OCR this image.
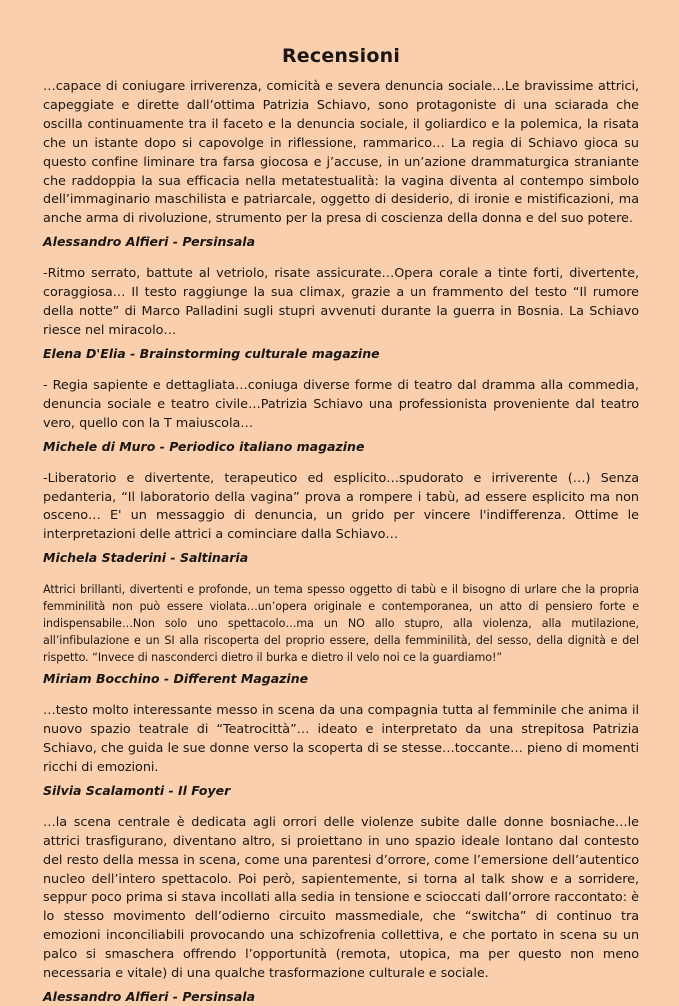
Recensioni

…capace di coniugare irriverenza, comicità e severa denuncia sociale…Le bravissime attrici, capeggiate e dirette dall’ottima Patrizia Schiavo, sono protagoniste di una sciarada che oscilla continuamente tra il faceto e la denuncia sociale, il goliardico e la polemica, la risata che un istante dopo si capovolge in riflessione, rammarico… La regia di Schiavo gioca su questo confine liminare tra farsa giocosa e j’accuse, in un’azione drammaturgica straniante che raddoppia la sua efficacia nella metatestualità: la vagina diventa al contempo simbolo dell’immaginario maschilista e patriarcale, oggetto di desiderio, di ironie e mistificazioni, ma anche arma di rivoluzione, strumento per la presa di coscienza della donna e del suo potere.

Alessandro Alfieri - Persinsala

-Ritmo serrato, battute al vetriolo, risate assicurate…Opera corale a tinte forti, divertente, coraggiosa… Il testo raggiunge la sua climax, grazie a un frammento del testo “Il rumore della notte” di Marco Palladini sugli stupri avvenuti durante la guerra in Bosnia. La Schiavo riesce nel miracolo…

Elena D'Elia - Brainstorming culturale magazine

- Regia sapiente e dettagliata…coniuga diverse forme di teatro dal dramma alla commedia, denuncia sociale e teatro civile…Patrizia Schiavo una professionista proveniente dal teatro vero, quello con la T maiuscola…

Michele di Muro - Periodico italiano magazine

-Liberatorio e divertente, terapeutico ed esplicito…spudorato e irriverente (…) Senza pedanteria, “Il laboratorio della vagina” prova a rompere i tabù, ad essere esplicito ma non osceno… E' un messaggio di denuncia, un grido per vincere l'indifferenza. Ottime le interpretazioni delle attrici a cominciare dalla Schiavo…

Michela Staderini - Saltinaria

Attrici brillanti, divertenti e profonde, un tema spesso oggetto di tabù e il bisogno di urlare che la propria femminilità non può essere violata…un’opera originale e contemporanea, un atto di pensiero forte e indispensabile…Non solo uno spettacolo…ma un NO allo stupro, alla violenza, alla mutilazione, all’infibulazione e un SI alla riscoperta del proprio essere, della femminilità, del sesso, della dignità e del rispetto. “Invece di nasconderci dietro il burka e dietro il velo noi ce la guardiamo!”

Miriam Bocchino - Different Magazine

…testo molto interessante messo in scena da una compagnia tutta al femminile che anima il nuovo spazio teatrale di “Teatrocittà”… ideato e interpretato da una strepitosa Patrizia Schiavo, che guida le sue donne verso la scoperta di se stesse…toccante… pieno di momenti ricchi di emozioni.

Silvia Scalamonti - Il Foyer

…la scena centrale è dedicata agli orrori delle violenze subite dalle donne bosniache…le attrici trasfigurano, diventano altro, si proiettano in uno spazio ideale lontano dal contesto del resto della messa in scena, come una parentesi d’orrore, come l’emersione dell’autentico nucleo dell’intero spettacolo. Poi però, sapientemente, si torna al talk show e a sorridere, seppur poco prima si stava incollati alla sedia in tensione e scioccati dall’orrore raccontato: è lo stesso movimento dell’odierno circuito massmediale, che “switcha” di continuo tra emozioni inconciliabili provocando una schizofrenia collettiva, e che portato in scena su un palco si smaschera offrendo l’opportunità (remota, utopica, ma per questo non meno necessaria e vitale) di una qualche trasformazione culturale e sociale.

Alessandro Alfieri - Persinsala
